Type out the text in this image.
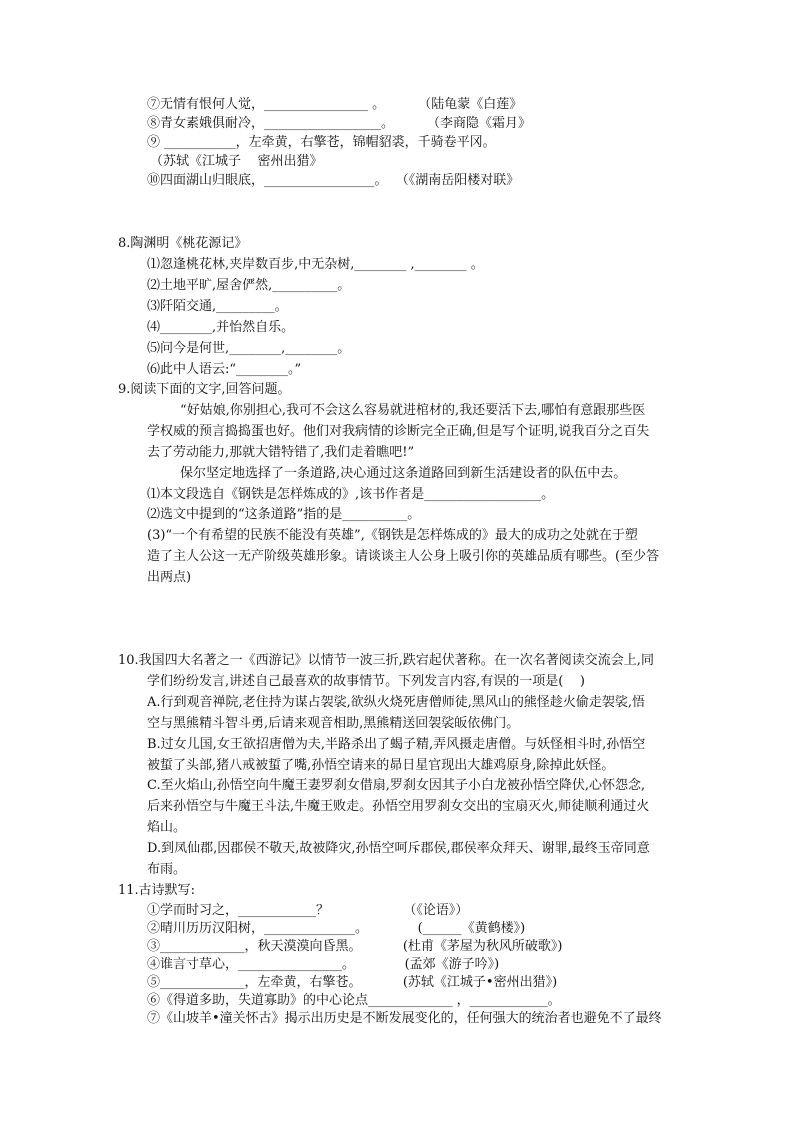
⑦无情有恨何人觉，________________ 。        （陆龟蒙《白莲》
⑧青女素娥俱耐冷，__________________。        （李商隐《霜月》
⑨ ___________，左牵黄，右擎苍，锦帽貂裘，千骑卷平冈。
（苏轼《江城子    密州出猎》
⑩四面湖山归眼底，_________________。  （《湖南岳阳楼对联》
8.陶渊明《桃花源记》
⑴忽逢桃花林,夹岸数百步,中无杂树,________ ,________ 。
⑵土地平旷,屋舍俨然,__________。
⑶阡陌交通,_________。
⑷________,并怡然自乐。
⑸问今是何世,________,________。
⑹此中人语云:“________。”
9.阅读下面的文字,回答问题。
“好姑娘,你别担心,我可不会这么容易就进棺材的,我还要活下去,哪怕有意跟那些医
学权威的预言捣捣蛋也好。他们对我病情的诊断完全正确,但是写个证明,说我百分之百失
去了劳动能力,那就大错特错了,我们走着瞧吧!”
保尔坚定地选择了一条道路,决心通过这条道路回到新生活建设者的队伍中去。
⑴本文段选自《钢铁是怎样炼成的》,该书作者是__________________。
⑵选文中提到的“这条道路”指的是__________。
(3)“一个有希望的民族不能没有英雄”,《钢铁是怎样炼成的》最大的成功之处就在于塑
造了主人公这一无产阶级英雄形象。请谈谈主人公身上吸引你的英雄品质有哪些。(至少答
出两点)
10.我国四大名著之一《西游记》以情节一波三折,跌宕起伏著称。在一次名著阅读交流会上,同
学们纷纷发言,讲述自己最喜欢的故事情节。下列发言内容,有误的一项是(    )
A.行到观音禅院,老住持为谋占袈裟,欲纵火烧死唐僧师徒,黑风山的熊怪趁火偷走袈裟,悟
空与黑熊精斗智斗勇,后请来观音相助,黑熊精送回袈裟皈依佛门。
B.过女儿国,女王欲招唐僧为夫,半路杀出了蝎子精,弄风摄走唐僧。与妖怪相斗时,孙悟空
被蜇了头部,猪八戒被蜇了嘴,孙悟空请来的昴日星官现出大雄鸡原身,除掉此妖怪。
C.至火焰山,孙悟空向牛魔王妻罗刹女借扇,罗刹女因其子小白龙被孙悟空降伏,心怀怨念,
后来孙悟空与牛魔王斗法,牛魔王败走。孙悟空用罗刹女交出的宝扇灭火,师徒顺利通过火
焰山。
D.到凤仙郡,因郡侯不敬天,故被降灾,孙悟空呵斥郡侯,郡侯率众拜天、谢罪,最终玉帝同意
布雨。
11.古诗默写:
①学而时习之，____________？                  （《论语》）
②晴川历历汉阳树，______________。            (______《黄鹤楼》)
③_____________，秋天漠漠向昏黑。          (杜甫《茅屋为秋风所破歌》)
④谁言寸草心，________________。            (孟郊《游子吟》)
⑤_____________，左牵黄，右擎苍。          (苏轼《江城子•密州出猎》)
⑥《得道多助，失道寡助》的中心论点_____________ ，____________。
⑦《山坡羊•潼关怀古》揭示出历史是不断发展变化的，任何强大的统治者也避免不了最终
